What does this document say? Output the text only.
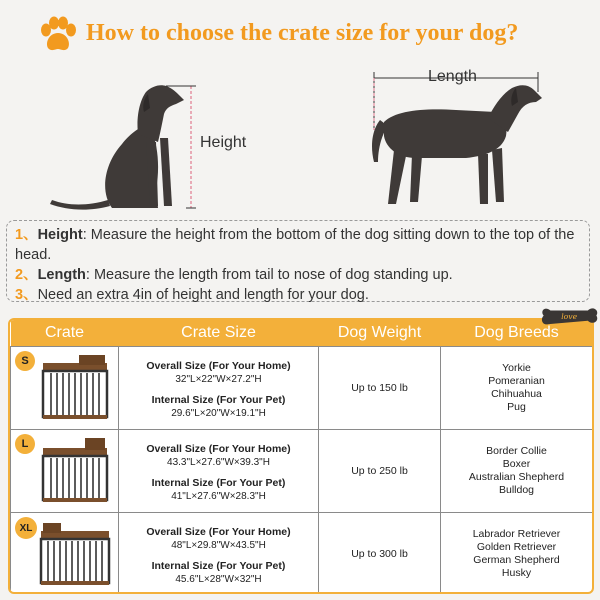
How to choose the crate size for your dog?
Height
Length
1、Height: Measure the height from the bottom of the dog sitting down to the top of the head.
2、Length: Measure the length from tail to nose of dog standing up.
3、Need an extra 4in of height and length for your dog.
Crate	Crate Size	Dog Weight	Dog Breeds

S	Overall Size (For Your Home)
32"L×22"W×27.2"H
Internal Size (For Your Pet)
29.6"L×20"W×19.1"H	Up to 150 lb	Yorkie
Pomeranian
Chihuahua
Pug

L	Overall Size (For Your Home)
43.3"L×27.6"W×39.3"H
Internal Size (For Your Pet)
41"L×27.6"W×28.3"H	Up to 250 lb	Border Collie
Boxer
Australian Shepherd
Bulldog

XL	Overall Size (For Your Home)
48"L×29.8"W×43.5"H
Internal Size (For Your Pet)
45.6"L×28"W×32"H	Up to 300 lb	Labrador Retriever
Golden Retriever
German Shepherd
Husky
love
